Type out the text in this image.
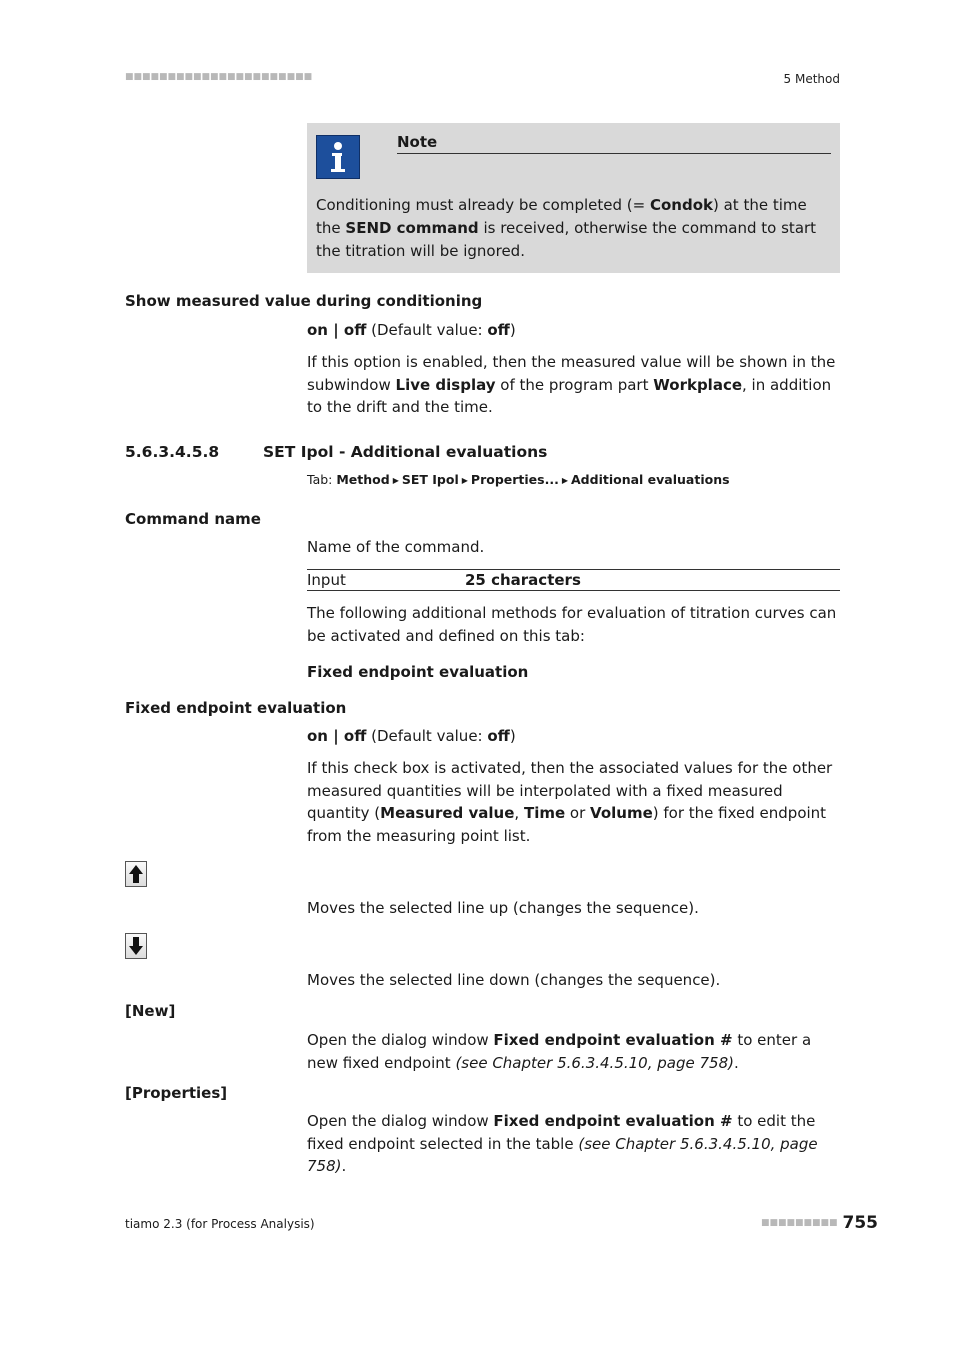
■■■■■■■■■■■■■■■■■■■■■■	5 Method
Note
Conditioning must already be completed (= Condok) at the time the SEND command is received, otherwise the command to start the titration will be ignored.
Show measured value during conditioning
on | off (Default value: off)
If this option is enabled, then the measured value will be shown in the subwindow Live display of the program part Workplace, in addition to the drift and the time.
5.6.3.4.5.8	SET Ipol - Additional evaluations
Tab: Method ▶ SET Ipol ▶ Properties... ▶ Additional evaluations
Command name
Name of the command.
Input	25 characters
The following additional methods for evaluation of titration curves can be activated and defined on this tab:
Fixed endpoint evaluation
Fixed endpoint evaluation
on | off (Default value: off)
If this check box is activated, then the associated values for the other measured quantities will be interpolated with a fixed measured quantity (Measured value, Time or Volume) for the fixed endpoint from the measuring point list.
Moves the selected line up (changes the sequence).
Moves the selected line down (changes the sequence).
[New]
Open the dialog window Fixed endpoint evaluation # to enter a new fixed endpoint (see Chapter 5.6.3.4.5.10, page 758).
[Properties]
Open the dialog window Fixed endpoint evaluation # to edit the fixed endpoint selected in the table (see Chapter 5.6.3.4.5.10, page 758).
tiamo 2.3 (for Process Analysis)	■■■■■■■■■ 755
